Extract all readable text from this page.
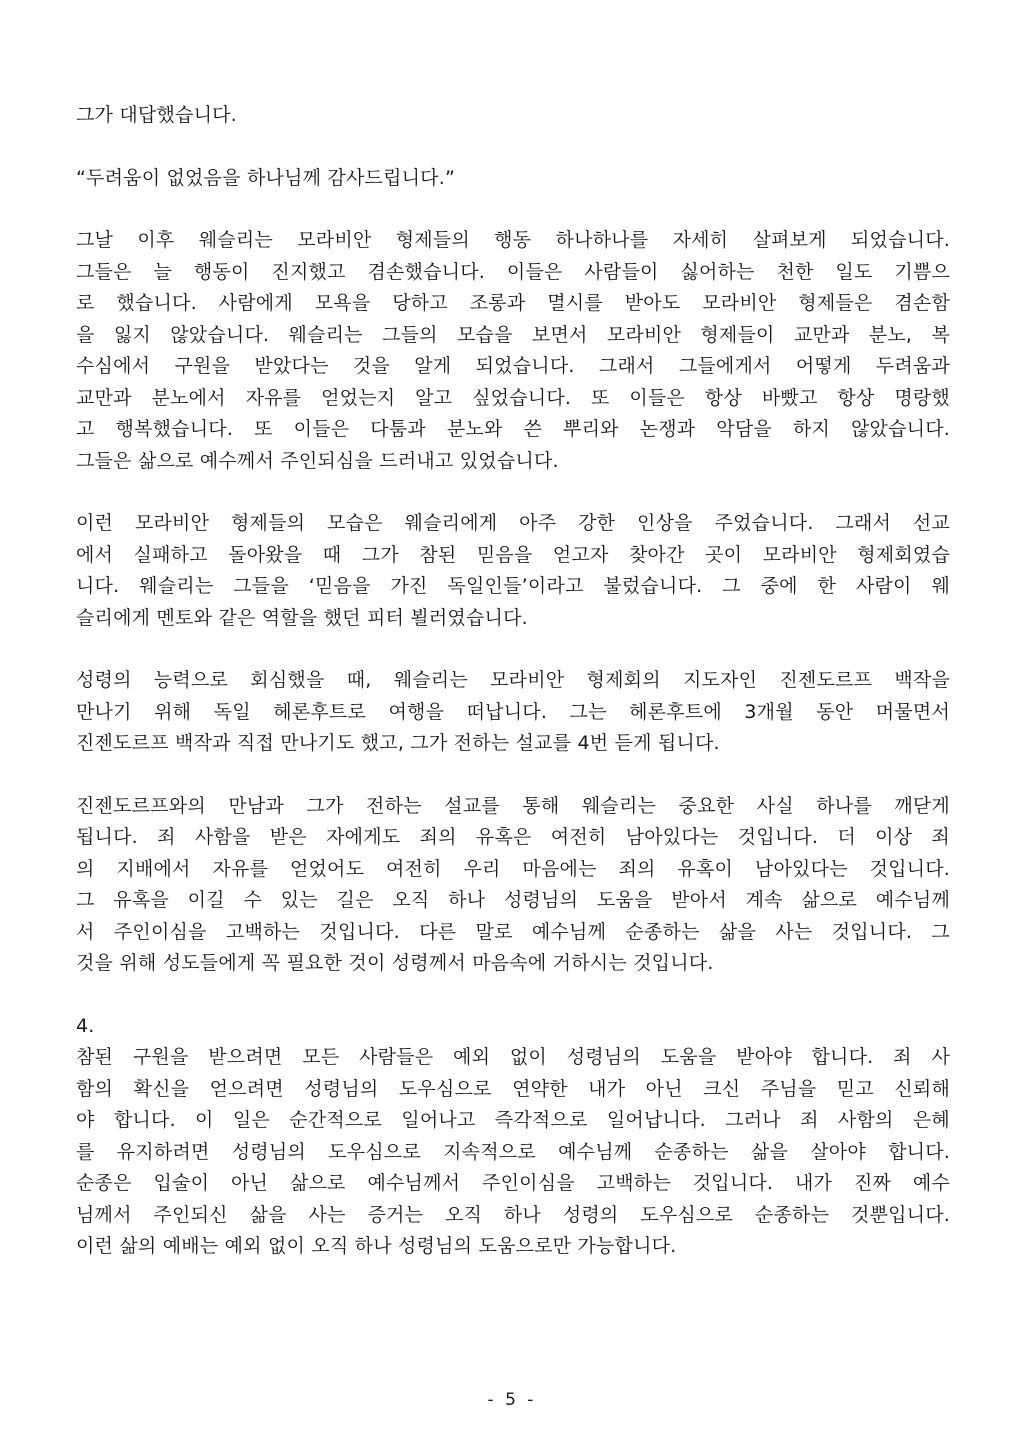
그가 대답했습니다.
“두려움이 없었음을 하나님께 감사드립니다.”
그날 이후 웨슬리는 모라비안 형제들의 행동 하나하나를 자세히 살펴보게 되었습니다.
그들은 늘 행동이 진지했고 겸손했습니다. 이들은 사람들이 싫어하는 천한 일도 기쁨으
로 했습니다. 사람에게 모욕을 당하고 조롱과 멸시를 받아도 모라비안 형제들은 겸손함
을 잃지 않았습니다. 웨슬리는 그들의 모습을 보면서 모라비안 형제들이 교만과 분노, 복
수심에서 구원을 받았다는 것을 알게 되었습니다. 그래서 그들에게서 어떻게 두려움과
교만과 분노에서 자유를 얻었는지 알고 싶었습니다. 또 이들은 항상 바빴고 항상 명랑했
고 행복했습니다. 또 이들은 다툼과 분노와 쓴 뿌리와 논쟁과 악담을 하지 않았습니다.
그들은 삶으로 예수께서 주인되심을 드러내고 있었습니다.
이런 모라비안 형제들의 모습은 웨슬리에게 아주 강한 인상을 주었습니다. 그래서 선교
에서 실패하고 돌아왔을 때 그가 참된 믿음을 얻고자 찾아간 곳이 모라비안 형제회였습
니다. 웨슬리는 그들을 ‘믿음을 가진 독일인들’이라고 불렀습니다. 그 중에 한 사람이 웨
슬리에게 멘토와 같은 역할을 했던 피터 뵐러였습니다.
성령의 능력으로 회심했을 때, 웨슬리는 모라비안 형제회의 지도자인 진젠도르프 백작을
만나기 위해 독일 헤론후트로 여행을 떠납니다. 그는 헤론후트에 3개월 동안 머물면서
진젠도르프 백작과 직접 만나기도 했고, 그가 전하는 설교를 4번 듣게 됩니다.
진젠도르프와의 만남과 그가 전하는 설교를 통해 웨슬리는 중요한 사실 하나를 깨닫게
됩니다. 죄 사함을 받은 자에게도 죄의 유혹은 여전히 남아있다는 것입니다. 더 이상 죄
의 지배에서 자유를 얻었어도 여전히 우리 마음에는 죄의 유혹이 남아있다는 것입니다.
그 유혹을 이길 수 있는 길은 오직 하나 성령님의 도움을 받아서 계속 삶으로 예수님께
서 주인이심을 고백하는 것입니다. 다른 말로 예수님께 순종하는 삶을 사는 것입니다. 그
것을 위해 성도들에게 꼭 필요한 것이 성령께서 마음속에 거하시는 것입니다.
4.
참된 구원을 받으려면 모든 사람들은 예외 없이 성령님의 도움을 받아야 합니다. 죄 사
함의 확신을 얻으려면 성령님의 도우심으로 연약한 내가 아닌 크신 주님을 믿고 신뢰해
야 합니다. 이 일은 순간적으로 일어나고 즉각적으로 일어납니다. 그러나 죄 사함의 은혜
를 유지하려면 성령님의 도우심으로 지속적으로 예수님께 순종하는 삶을 살아야 합니다.
순종은 입술이 아닌 삶으로 예수님께서 주인이심을 고백하는 것입니다. 내가 진짜 예수
님께서 주인되신 삶을 사는 증거는 오직 하나 성령의 도우심으로 순종하는 것뿐입니다.
이런 삶의 예배는 예외 없이 오직 하나 성령님의 도움으로만 가능합니다.
- 5 -
